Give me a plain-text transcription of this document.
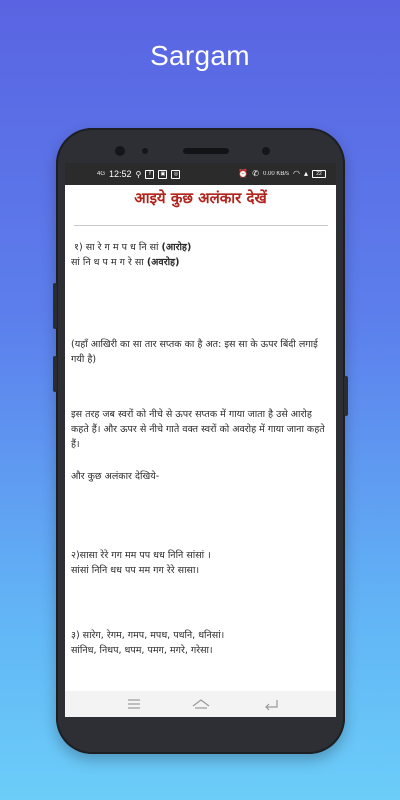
Sargam
4G 12:52 ⚲	f	▣	◎	⏰ ✆ 0.00 KB/s ◠ ▴	22
आइये कुछ अलंकार देखें
१) सा रे ग म प ध नि सां (आरोह)
सां नि ध प म ग रे सा (अवरोह)
(यहाँ आखिरी का सा तार सप्तक का है अत: इस सा के ऊपर बिंदी लगाई गयी है)
इस तरह जब स्वरों को नीचे से ऊपर सप्तक में गाया जाता है उसे आरोह कहते हैं। और ऊपर से नीचे गाते वक्त स्वरों को अवरोह में गाया जाना कहते हैं।
और कुछ अलंकार देखिये-
२)सासा रेरे गग मम पप धध निनि सांसां ।
सांसां निनि धध पप मम गग रेरे सासा।
३) सारेग, रेगम, गमप, मपध, पधनि, धनिसां।
सांनिध, निधप, धपम, पमग, मगरे, गरेसा।
